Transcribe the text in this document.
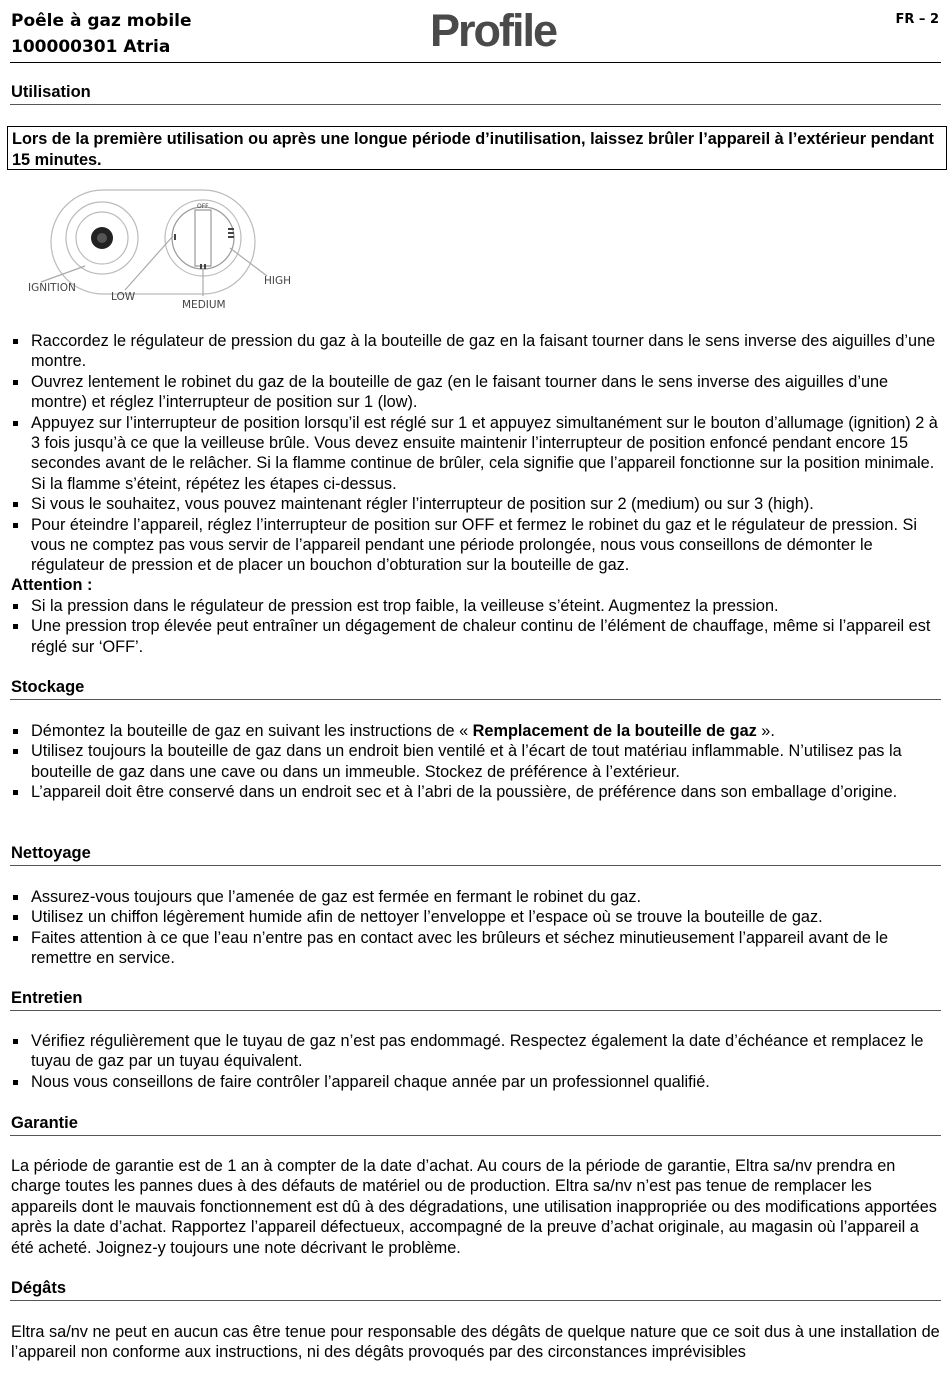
Poêle à gaz mobile
100000301 Atria	Profile	FR – 2
Utilisation
Lors de la première utilisation ou après une longue période d’inutilisation, laissez brûler l’appareil à l’extérieur pendant 15 minutes.
OFF
IGNITION
LOW
MEDIUM
HIGH
Raccordez le régulateur de pression du gaz à la bouteille de gaz en la faisant tourner dans le sens inverse des aiguilles d’une montre.
Ouvrez lentement le robinet du gaz de la bouteille de gaz (en le faisant tourner dans le sens inverse des aiguilles d’une montre) et réglez l’interrupteur de position sur 1 (low).
Appuyez sur l’interrupteur de position lorsqu’il est réglé sur 1 et appuyez simultanément sur le bouton d’allumage (ignition) 2 à 3 fois jusqu’à ce que la veilleuse brûle. Vous devez ensuite maintenir l’interrupteur de position enfoncé pendant encore 15 secondes avant de le relâcher. Si la flamme continue de brûler, cela signifie que l’appareil fonctionne sur la position minimale. Si la flamme s’éteint, répétez les étapes ci-dessus.
Si vous le souhaitez, vous pouvez maintenant régler l’interrupteur de position sur 2 (medium) ou sur 3 (high).
Pour éteindre l’appareil, réglez l’interrupteur de position sur OFF et fermez le robinet du gaz et le régulateur de pression. Si vous ne comptez pas vous servir de l’appareil pendant une période prolongée, nous vous conseillons de démonter le régulateur de pression et de placer un bouchon d’obturation sur la bouteille de gaz.
Attention :
Si la pression dans le régulateur de pression est trop faible, la veilleuse s’éteint. Augmentez la pression.
Une pression trop élevée peut entraîner un dégagement de chaleur continu de l’élément de chauffage, même si l’appareil est réglé sur ‘OFF’.
Stockage
Démontez la bouteille de gaz en suivant les instructions de « Remplacement de la bouteille de gaz ».
Utilisez toujours la bouteille de gaz dans un endroit bien ventilé et à l’écart de tout matériau inflammable. N’utilisez pas la bouteille de gaz dans une cave ou dans un immeuble. Stockez de préférence à l’extérieur.
L’appareil doit être conservé dans un endroit sec et à l’abri de la poussière, de préférence dans son emballage d’origine.
Nettoyage
Assurez-vous toujours que l’amenée de gaz est fermée en fermant le robinet du gaz.
Utilisez un chiffon légèrement humide afin de nettoyer l’enveloppe et l’espace où se trouve la bouteille de gaz.
Faites attention à ce que l’eau n’entre pas en contact avec les brûleurs et séchez minutieusement l’appareil avant de le remettre en service.
Entretien
Vérifiez régulièrement que le tuyau de gaz n’est pas endommagé. Respectez également la date d’échéance et remplacez le tuyau de gaz par un tuyau équivalent.
Nous vous conseillons de faire contrôler l’appareil chaque année par un professionnel qualifié.
Garantie

La période de garantie est de 1 an à compter de la date d’achat. Au cours de la période de garantie, Eltra sa/nv prendra en charge toutes les pannes dues à des défauts de matériel ou de production. Eltra sa/nv n’est pas tenue de remplacer les appareils dont le mauvais fonctionnement est dû à des dégradations, une utilisation inappropriée ou des modifications apportées après la date d’achat. Rapportez l’appareil défectueux, accompagné de la preuve d’achat originale, au magasin où l’appareil a été acheté. Joignez-y toujours une note décrivant le problème.

Dégâts

Eltra sa/nv ne peut en aucun cas être tenue pour responsable des dégâts de quelque nature que ce soit dus à une installation de l’appareil non conforme aux instructions, ni des dégâts provoqués par des circonstances imprévisibles
